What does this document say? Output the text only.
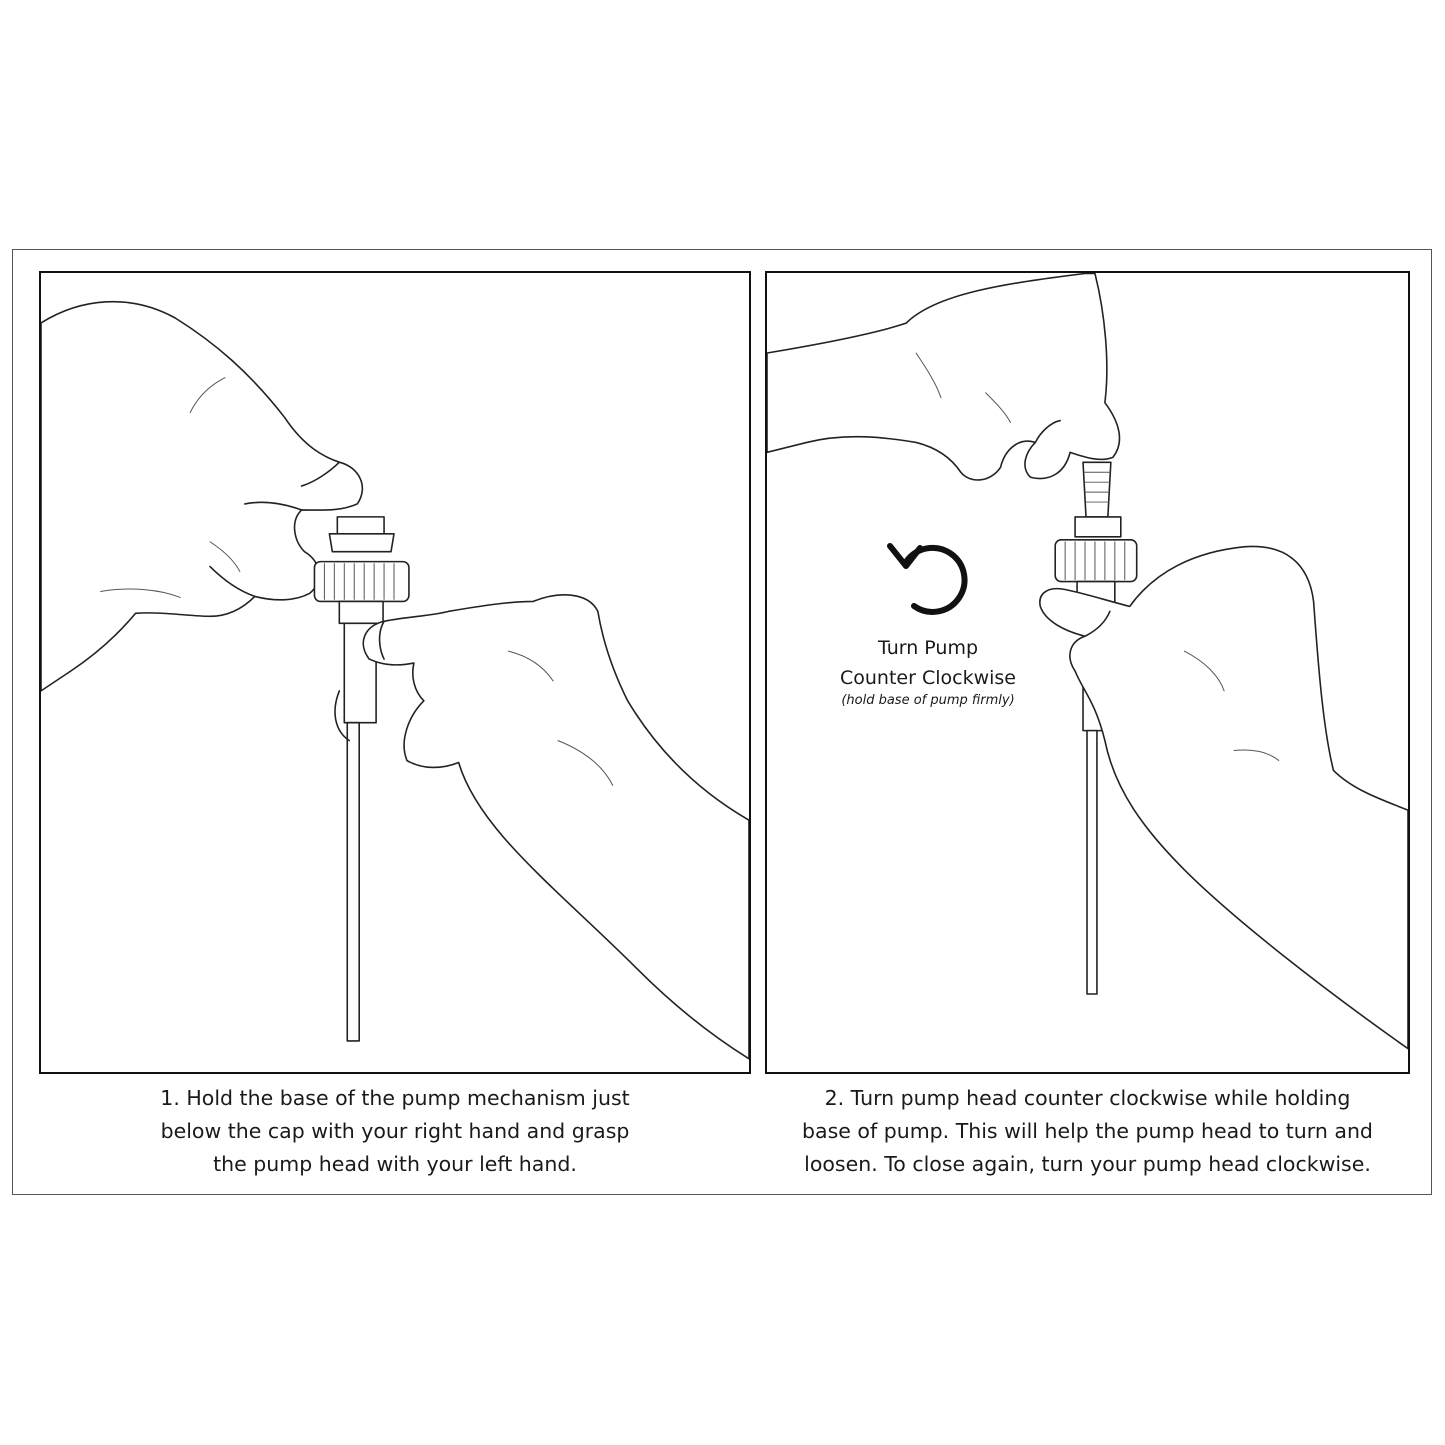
Turn Pump
Counter Clockwise
(hold base of pump firmly)
1. Hold the base of the pump mechanism just
below the cap with your right hand and grasp
the pump head with your left hand.
2. Turn pump head counter clockwise while holding
base of pump. This will help the pump head to turn and
loosen. To close again, turn your pump head clockwise.
